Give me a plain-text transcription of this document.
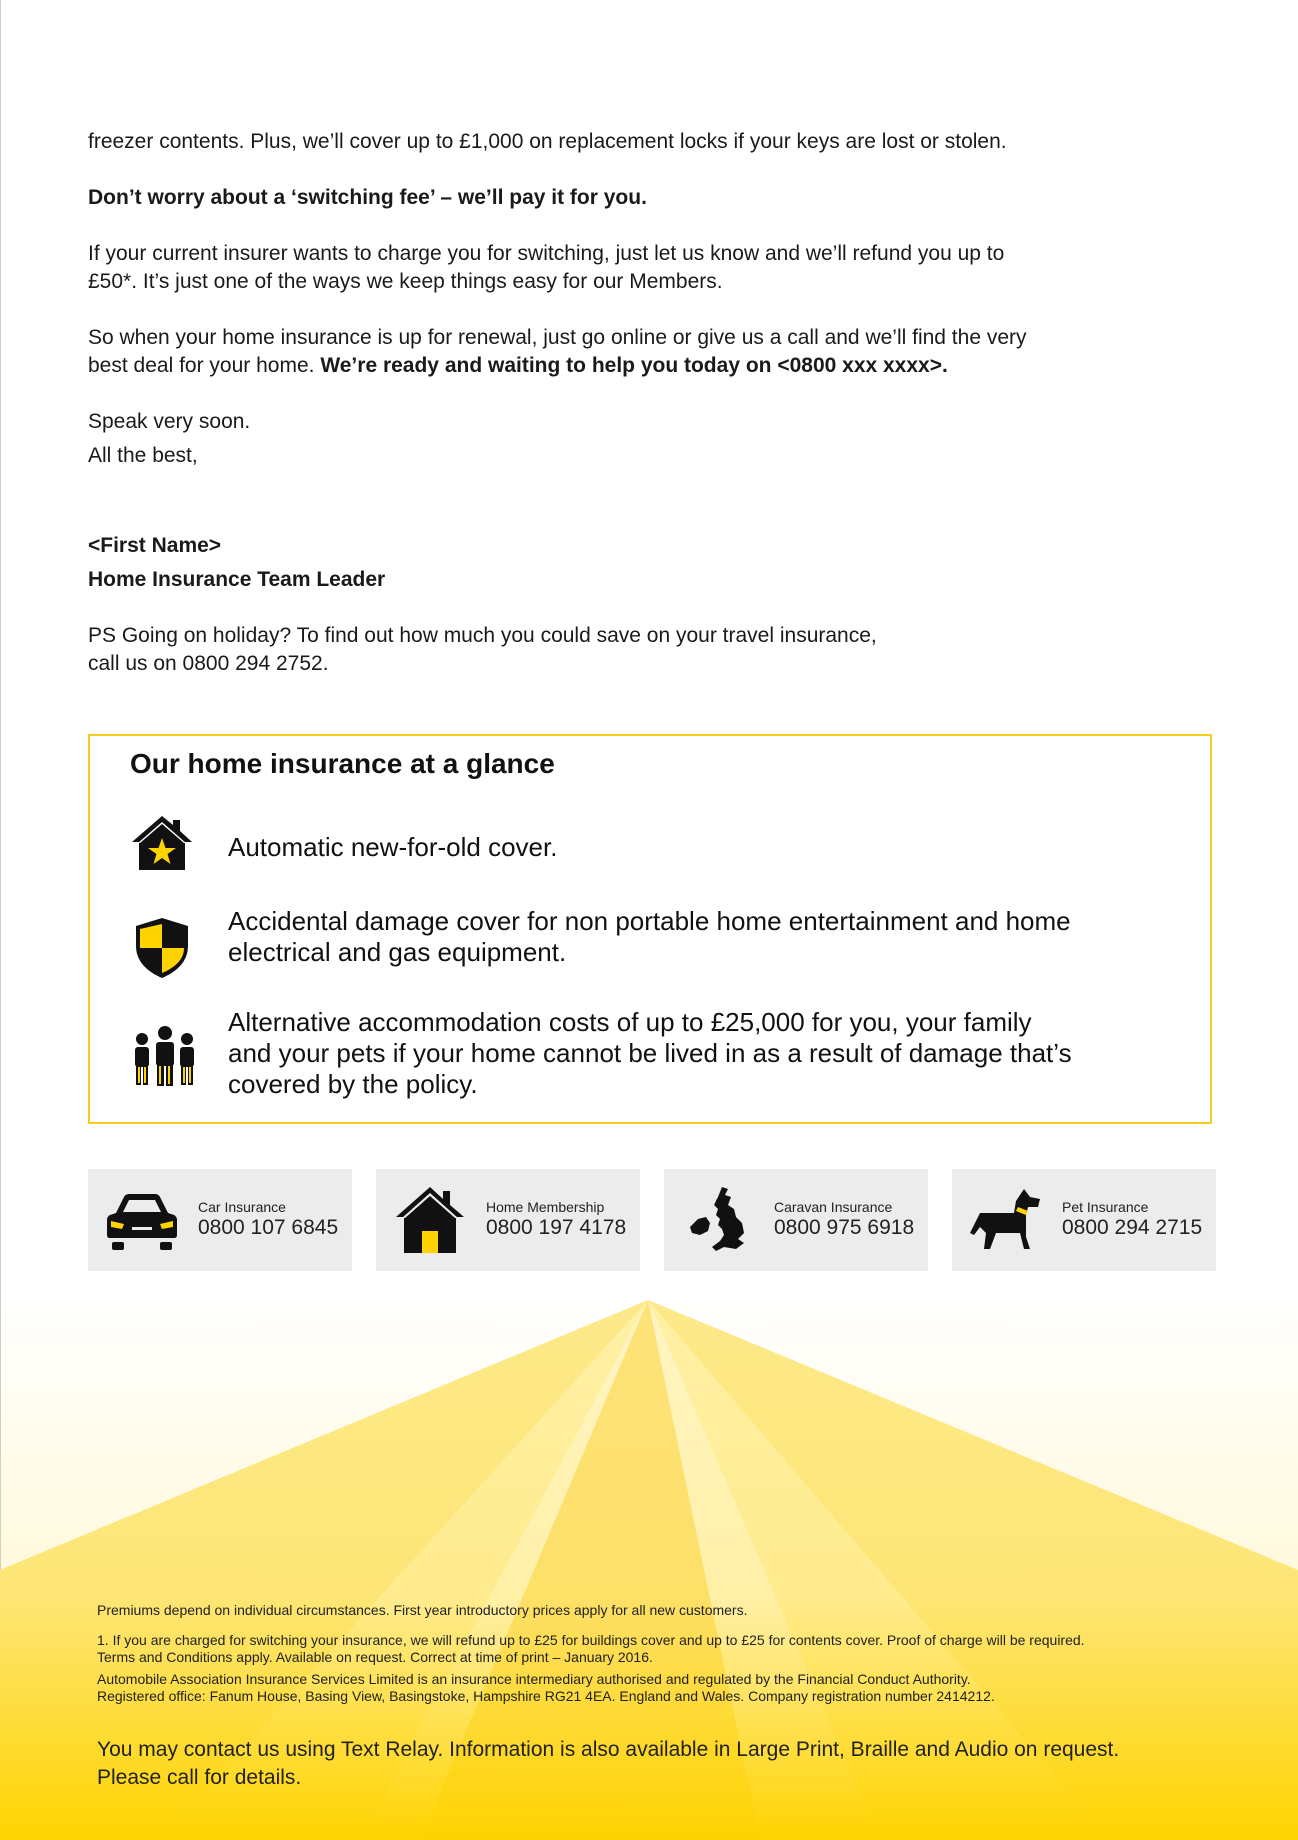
freezer contents. Plus, we’ll cover up to £1,000 on replacement locks if your keys are lost or stolen.

Don’t worry about a ‘switching fee’ – we’ll pay it for you.

If your current insurer wants to charge you for switching, just let us know and we’ll refund you up to

£50*. It’s just one of the ways we keep things easy for our Members.

So when your home insurance is up for renewal, just go online or give us a call and we’ll find the very

best deal for your home. We’re ready and waiting to help you today on <0800 xxx xxxx>.

Speak very soon.

All the best,

<First Name>

Home Insurance Team Leader

PS Going on holiday? To find out how much you could save on your travel insurance,

call us on 0800 294 2752.

Our home insurance at a glance
Automatic new-for-old cover.
Accidental damage cover for non portable home entertainment and home
electrical and gas equipment.
Alternative accommodation costs of up to £25,000 for you, your family
and your pets if your home cannot be lived in as a result of damage that’s
covered by the policy.
Car Insurance
0800 107 6845
Home Membership
0800 197 4178
Caravan Insurance
0800 975 6918
Pet Insurance
0800 294 2715
Premiums depend on individual circumstances. First year introductory prices apply for all new customers.
1. If you are charged for switching your insurance, we will refund up to £25 for buildings cover and up to £25 for contents cover. Proof of charge will be required.
Terms and Conditions apply. Available on request. Correct at time of print – January 2016.
Automobile Association Insurance Services Limited is an insurance intermediary authorised and regulated by the Financial Conduct Authority.
Registered office: Fanum House, Basing View, Basingstoke, Hampshire RG21 4EA. England and Wales. Company registration number 2414212.
You may contact us using Text Relay. Information is also available in Large Print, Braille and Audio on request.
Please call for details.
